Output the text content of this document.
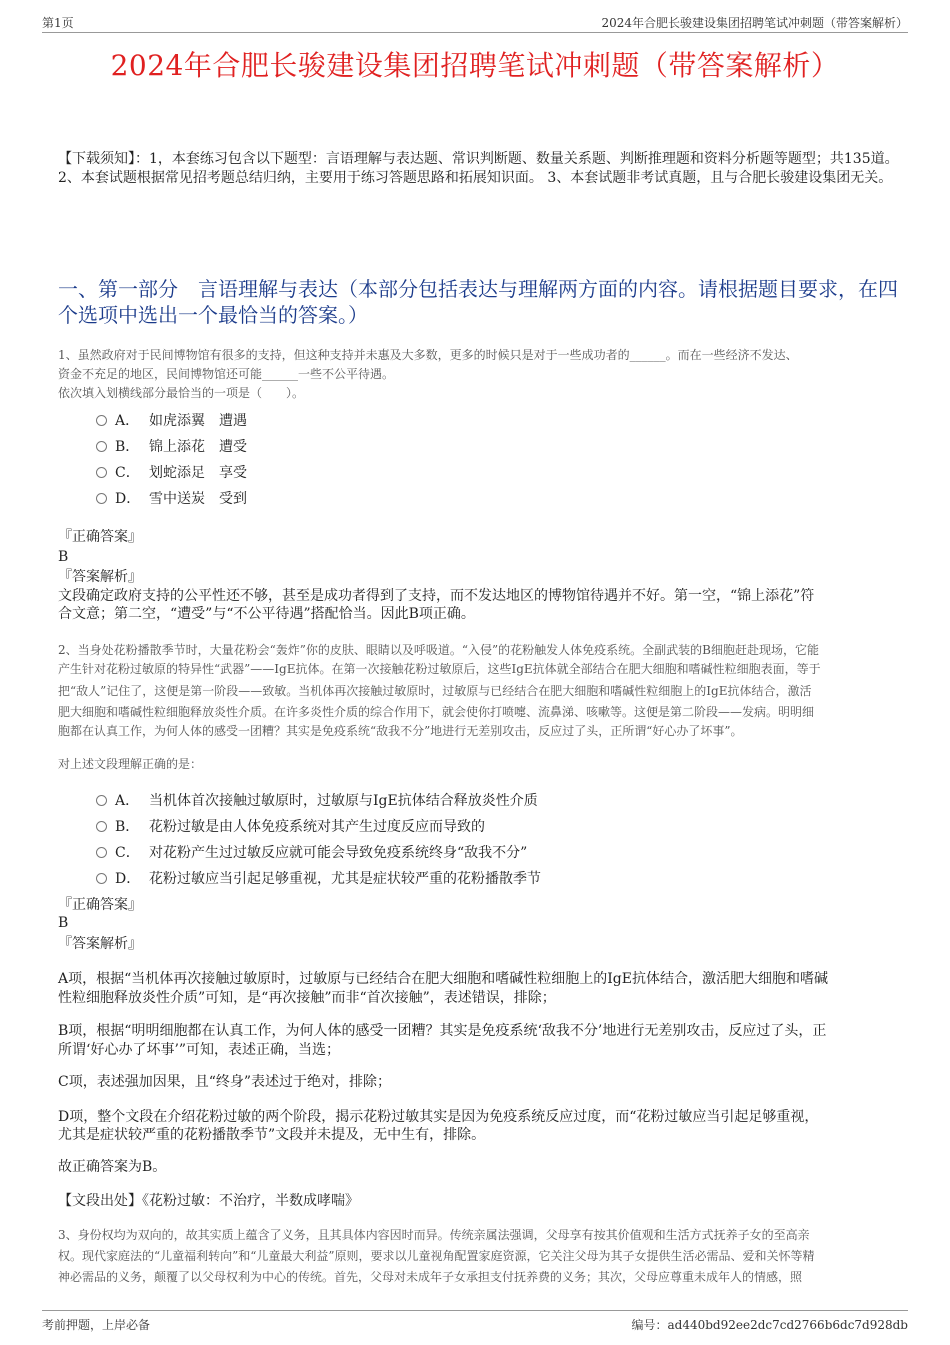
第1页	2024年合肥长骏建设集团招聘笔试冲刺题（带答案解析）
2024年合肥长骏建设集团招聘笔试冲刺题（带答案解析）
【下载须知】：1，本套练习包含以下题型：言语理解与表达题、常识判断题、数量关系题、判断推理题和资料分析题等题型；共135道。 2、本套试题根据常见招考题总结归纳，主要用于练习答题思路和拓展知识面。 3、本套试题非考试真题，且与合肥长骏建设集团无关。
一、第一部分　言语理解与表达（本部分包括表达与理解两方面的内容。请根据题目要求，在四个选项中选出一个最恰当的答案。）
1、虽然政府对于民间博物馆有很多的支持，但这种支持并未惠及大多数，更多的时候只是对于一些成功者的______。而在一些经济不发达、
资金不充足的地区，民间博物馆还可能______一些不公平待遇。
依次填入划横线部分最恰当的一项是（　　）。
A． 如虎添翼　遭遇
B． 锦上添花　遭受
C． 划蛇添足　享受
D． 雪中送炭　受到
『正确答案』
B
『答案解析』
文段确定政府支持的公平性还不够，甚至是成功者得到了支持，而不发达地区的博物馆待遇并不好。第一空，“锦上添花”符
合文意；第二空，“遭受”与“不公平待遇”搭配恰当。因此B项正确。
2、当身处花粉播散季节时，大量花粉会“轰炸”你的皮肤、眼睛以及呼吸道。“入侵”的花粉触发人体免疫系统。全副武装的B细胞赶赴现场，它能
产生针对花粉过敏原的特异性“武器”——IgE抗体。在第一次接触花粉过敏原后，这些IgE抗体就全部结合在肥大细胞和嗜碱性粒细胞表面，等于
把“敌人”记住了，这便是第一阶段——致敏。当机体再次接触过敏原时，过敏原与已经结合在肥大细胞和嗜碱性粒细胞上的IgE抗体结合，激活
肥大细胞和嗜碱性粒细胞释放炎性介质。在许多炎性介质的综合作用下，就会使你打喷嚏、流鼻涕、咳嗽等。这便是第二阶段——发病。明明细
胞都在认真工作，为何人体的感受一团糟？其实是免疫系统“敌我不分”地进行无差别攻击，反应过了头，正所谓“好心办了坏事”。
对上述文段理解正确的是：
A． 当机体首次接触过敏原时，过敏原与IgE抗体结合释放炎性介质
B． 花粉过敏是由人体免疫系统对其产生过度反应而导致的
C． 对花粉产生过过敏反应就可能会导致免疫系统终身“敌我不分”
D． 花粉过敏应当引起足够重视，尤其是症状较严重的花粉播散季节
『正确答案』
B
『答案解析』
A项，根据“当机体再次接触过敏原时，过敏原与已经结合在肥大细胞和嗜碱性粒细胞上的IgE抗体结合，激活肥大细胞和嗜碱
性粒细胞释放炎性介质”可知，是“再次接触”而非“首次接触”，表述错误，排除；
B项，根据“明明细胞都在认真工作，为何人体的感受一团糟？其实是免疫系统‘敌我不分’地进行无差别攻击，反应过了头，正
所谓‘好心办了坏事’”可知，表述正确，当选；
C项，表述强加因果，且“终身”表述过于绝对，排除；
D项，整个文段在介绍花粉过敏的两个阶段，揭示花粉过敏其实是因为免疫系统反应过度，而“花粉过敏应当引起足够重视，
尤其是症状较严重的花粉播散季节”文段并未提及，无中生有，排除。
故正确答案为B。
【文段出处】《花粉过敏：不治疗，半数成哮喘》
3、身份权均为双向的，故其实质上蕴含了义务，且其具体内容因时而异。传统亲属法强调，父母享有按其价值观和生活方式抚养子女的至高亲
权。现代家庭法的“儿童福利转向”和“儿童最大利益”原则，要求以儿童视角配置家庭资源，它关注父母为其子女提供生活必需品、爱和关怀等精
神必需品的义务，颠覆了以父母权利为中心的传统。首先，父母对未成年子女承担支付抚养费的义务；其次，父母应尊重未成年人的情感，照
考前押题，上岸必备	编号：ad440bd92ee2dc7cd2766b6dc7d928db
